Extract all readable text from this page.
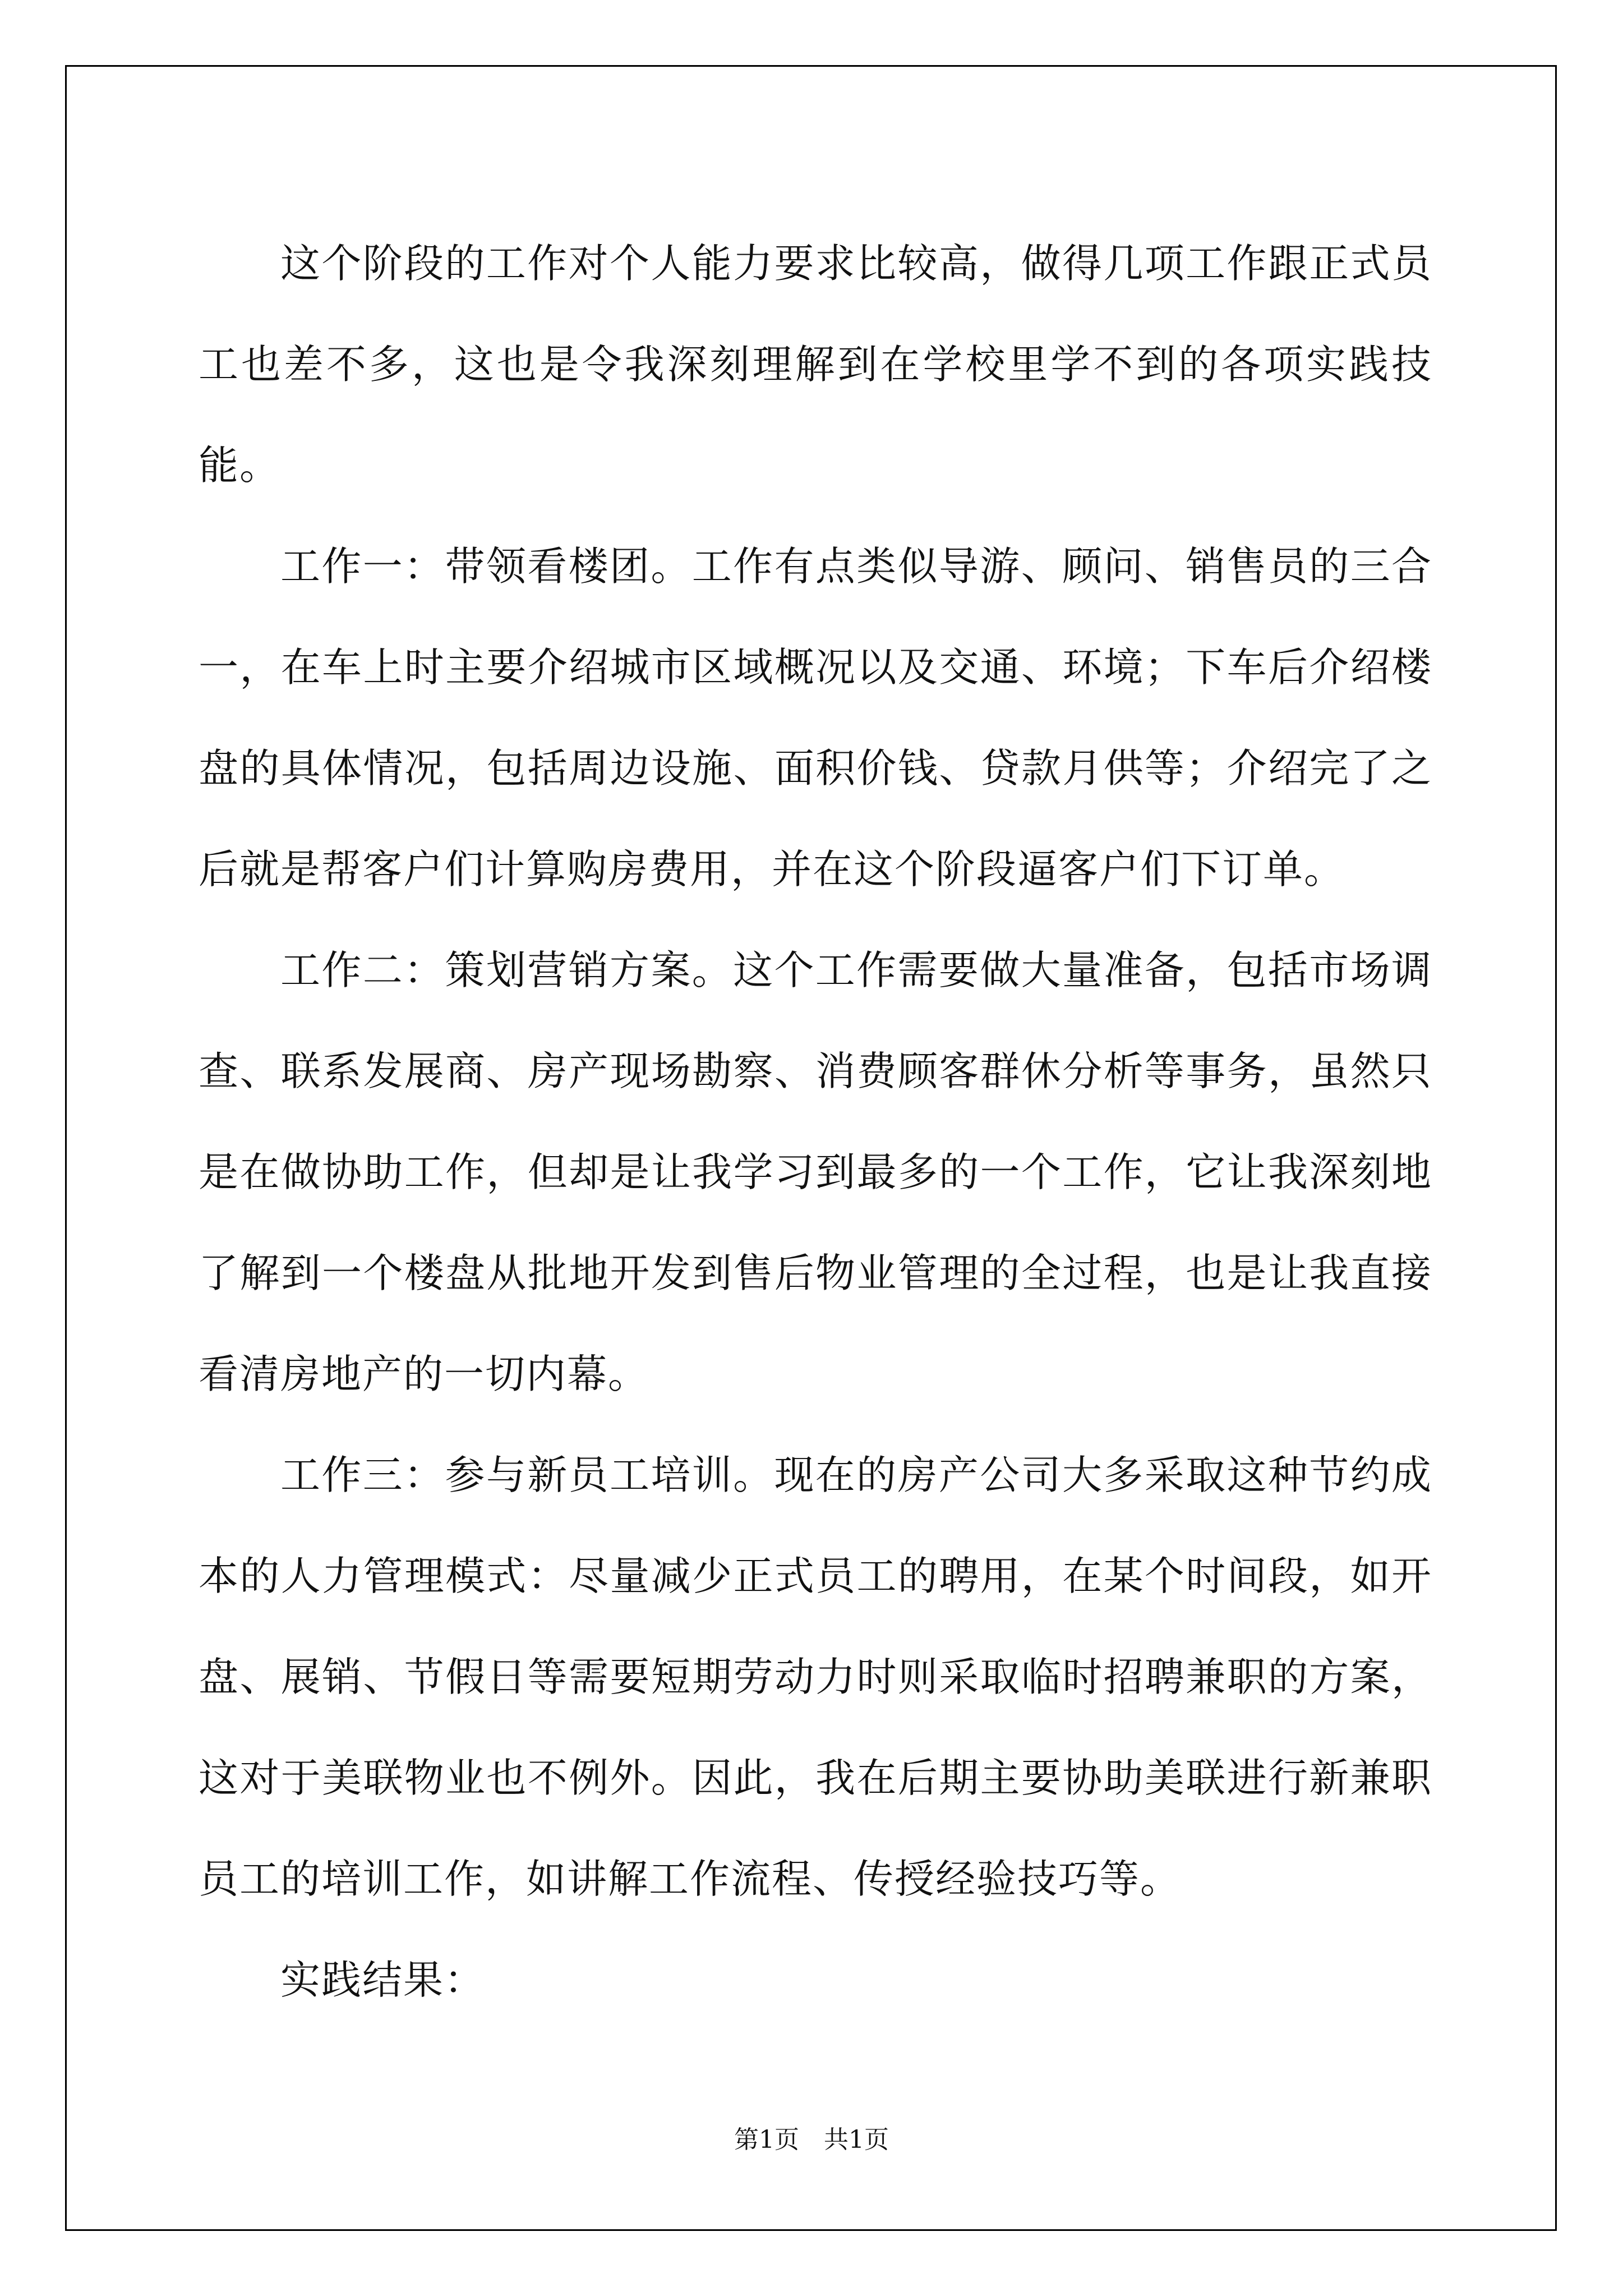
这个阶段的工作对个人能力要求比较高，做得几项工作跟正式员工也差不多，这也是令我深刻理解到在学校里学不到的各项实践技能。

工作一：带领看楼团。工作有点类似导游、顾问、销售员的三合一，在车上时主要介绍城市区域概况以及交通、环境；下车后介绍楼盘的具体情况，包括周边设施、面积价钱、贷款月供等；介绍完了之后就是帮客户们计算购房费用，并在这个阶段逼客户们下订单。

工作二：策划营销方案。这个工作需要做大量准备，包括市场调查、联系发展商、房产现场勘察、消费顾客群休分析等事务，虽然只是在做协助工作，但却是让我学习到最多的一个工作，它让我深刻地了解到一个楼盘从批地开发到售后物业管理的全过程，也是让我直接看清房地产的一切内幕。

工作三：参与新员工培训。现在的房产公司大多采取这种节约成本的人力管理模式：尽量减少正式员工的聘用，在某个时间段，如开盘、展销、节假日等需要短期劳动力时则采取临时招聘兼职的方案，这对于美联物业也不例外。因此，我在后期主要协助美联进行新兼职员工的培训工作，如讲解工作流程、传授经验技巧等。

实践结果：

第1页　共1页
